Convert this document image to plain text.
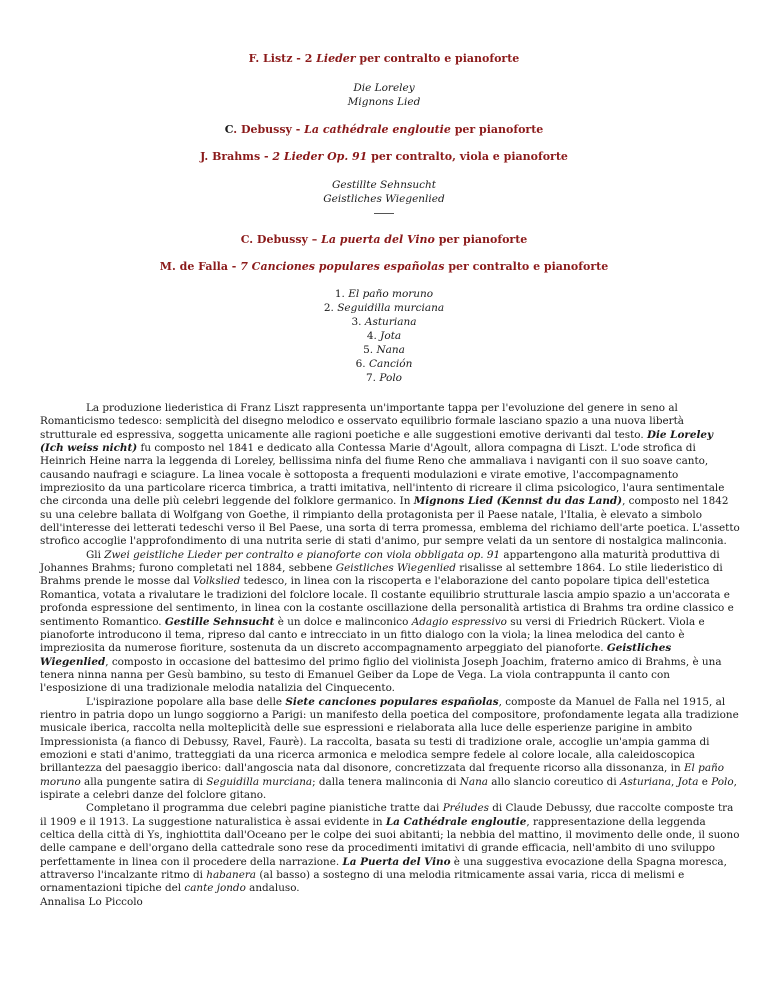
F. Listz - 2 Lieder per contralto e pianoforte
Die Loreley
Mignons Lied
C. Debussy - La cathédrale engloutie per pianoforte
J. Brahms - 2 Lieder Op. 91 per contralto, viola e pianoforte
Gestillte Sehnsucht
Geistliches Wiegenlied
C. Debussy – La puerta del Vino per pianoforte
M. de Falla - 7 Canciones populares españolas per contralto e pianoforte
1. El paño moruno
2. Seguidilla murciana
3. Asturiana
4. Jota
5. Nana
6. Canción
7. Polo

La produzione liederistica di Franz Liszt rappresenta un'importante tappa per l'evoluzione del genere in seno al Romanticismo tedesco: semplicità del disegno melodico e osservato equilibrio formale lasciano spazio a una nuova libertà strutturale ed espressiva, soggetta unicamente alle ragioni poetiche e alle suggestioni emotive derivanti dal testo. Die Loreley (Ich weiss nicht) fu composto nel 1841 e dedicato alla Contessa Marie d'Agoult, allora compagna di Liszt. L'ode strofica di Heinrich Heine narra la leggenda di Loreley, bellissima ninfa del fiume Reno che ammaliava i naviganti con il suo soave canto, causando naufragi e sciagure. La linea vocale è sottoposta a frequenti modulazioni e virate emotive, l'accompagnamento impreziosito da una particolare ricerca timbrica, a tratti imitativa, nell'intento di ricreare il clima psicologico, l'aura sentimentale che circonda una delle più celebri leggende del folklore germanico. In Mignons Lied (Kennst du das Land), composto nel 1842 su una celebre ballata di Wolfgang von Goethe, il rimpianto della protagonista per il Paese natale, l'Italia, è elevato a simbolo dell'interesse dei letterati tedeschi verso il Bel Paese, una sorta di terra promessa, emblema del richiamo dell'arte poetica. L'assetto strofico accoglie l'approfondimento di una nutrita serie di stati d'animo, pur sempre velati da un sentore di nostalgica malinconia.

Gli Zwei geistliche Lieder per contralto e pianoforte con viola obbligata op. 91 appartengono alla maturità produttiva di Johannes Brahms; furono completati nel 1884, sebbene Geistliches Wiegenlied risalisse al settembre 1864. Lo stile liederistico di Brahms prende le mosse dal Volkslied tedesco, in linea con la riscoperta e l'elaborazione del canto popolare tipica dell'estetica Romantica, votata a rivalutare le tradizioni del folclore locale. Il costante equilibrio strutturale lascia ampio spazio a un'accorata e profonda espressione del sentimento, in linea con la costante oscillazione della personalità artistica di Brahms tra ordine classico e sentimento Romantico. Gestille Sehnsucht è un dolce e malinconico Adagio espressivo su versi di Friedrich Rückert. Viola e pianoforte introducono il tema, ripreso dal canto e intrecciato in un fitto dialogo con la viola; la linea melodica del canto è impreziosita da numerose fioriture, sostenuta da un discreto accompagnamento arpeggiato del pianoforte. Geistliches Wiegenlied, composto in occasione del battesimo del primo figlio del violinista Joseph Joachim, fraterno amico di Brahms, è una tenera ninna nanna per Gesù bambino, su testo di Emanuel Geiber da Lope de Vega. La viola contrappunta il canto con l'esposizione di una tradizionale melodia natalizia del Cinquecento.

L'ispirazione popolare alla base delle Siete canciones populares españolas, composte da Manuel de Falla nel 1915, al rientro in patria dopo un lungo soggiorno a Parigi: un manifesto della poetica del compositore, profondamente legata alla tradizione musicale iberica, raccolta nella molteplicità delle sue espressioni e rielaborata alla luce delle esperienze parigine in ambito Impressionista (a fianco di Debussy, Ravel, Faurè). La raccolta, basata su testi di tradizione orale, accoglie un'ampia gamma di emozioni e stati d'animo, tratteggiati da una ricerca armonica e melodica sempre fedele al colore locale, alla caleidoscopica brillantezza del paesaggio iberico: dall'angoscia nata dal disonore, concretizzata dal frequente ricorso alla dissonanza, in El paño moruno alla pungente satira di Seguidilla murciana; dalla tenera malinconia di Nana allo slancio coreutico di Asturiana, Jota e Polo, ispirate a celebri danze del folclore gitano.

Completano il programma due celebri pagine pianistiche tratte dai Préludes di Claude Debussy, due raccolte composte tra il 1909 e il 1913. La suggestione naturalistica è assai evidente in La Cathédrale engloutie, rappresentazione della leggenda celtica della città di Ys, inghiottita dall'Oceano per le colpe dei suoi abitanti; la nebbia del mattino, il movimento delle onde, il suono delle campane e dell'organo della cattedrale sono rese da procedimenti imitativi di grande efficacia, nell'ambito di uno sviluppo perfettamente in linea con il procedere della narrazione. La Puerta del Vino è una suggestiva evocazione della Spagna moresca, attraverso l'incalzante ritmo di habanera (al basso) a sostegno di una melodia ritmicamente assai varia, ricca di melismi e ornamentazioni tipiche del cante jondo andaluso.

Annalisa Lo Piccolo
